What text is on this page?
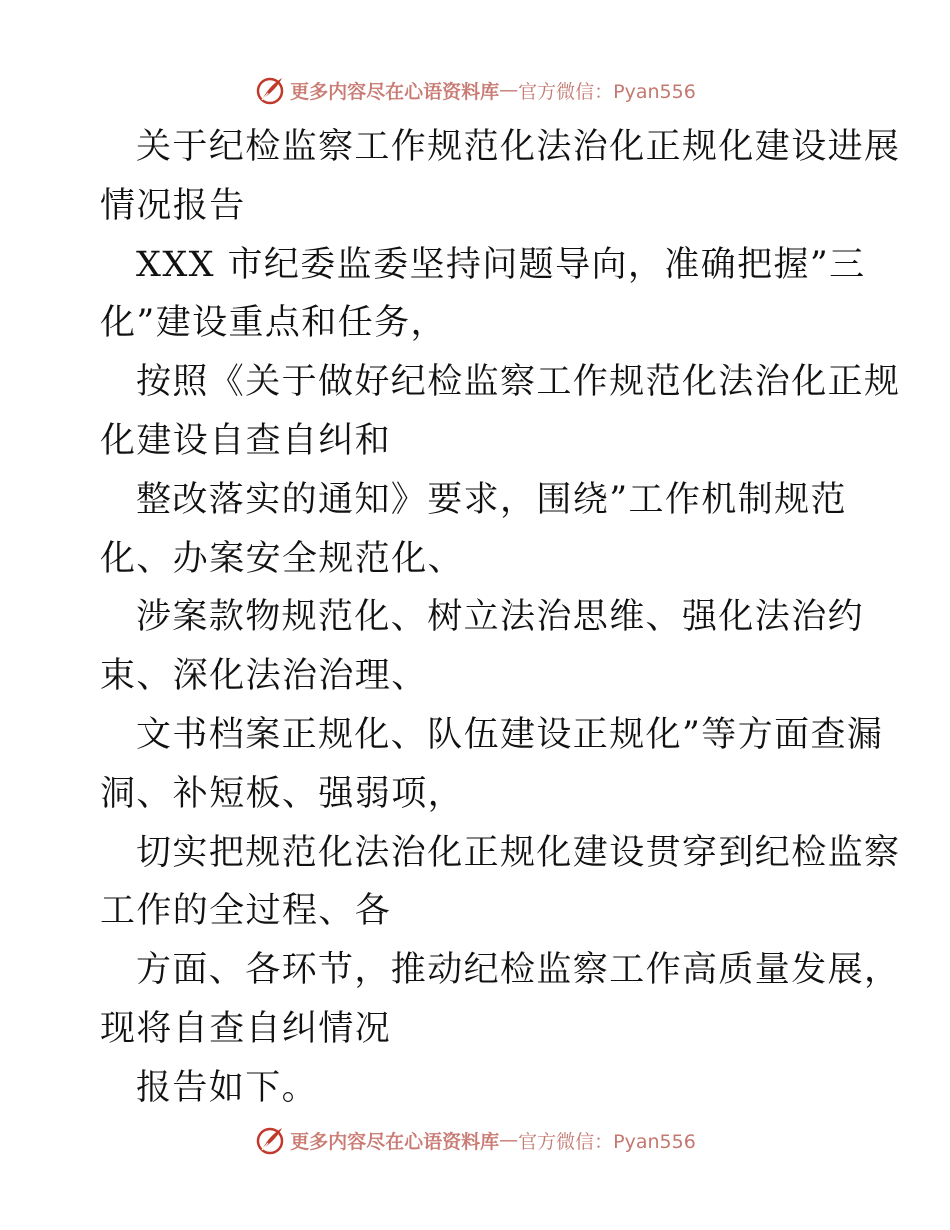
更多内容尽在心语资料库 — 官方微信：Pyan556
关于纪检监察工作规范化法治化正规化建设进展
情况报告
XXX 市纪委监委坚持问题导向，准确把握”三
化”建设重点和任务，
按照《关于做好纪检监察工作规范化法治化正规
化建设自查自纠和
整改落实的通知》要求，围绕”工作机制规范
化、办案安全规范化、
涉案款物规范化、树立法治思维、强化法治约
束、深化法治治理、
文书档案正规化、队伍建设正规化”等方面查漏
洞、补短板、强弱项，
切实把规范化法治化正规化建设贯穿到纪检监察
工作的全过程、各
方面、各环节，推动纪检监察工作高质量发展，
现将自查自纠情况
报告如下。
更多内容尽在心语资料库 — 官方微信：Pyan556
